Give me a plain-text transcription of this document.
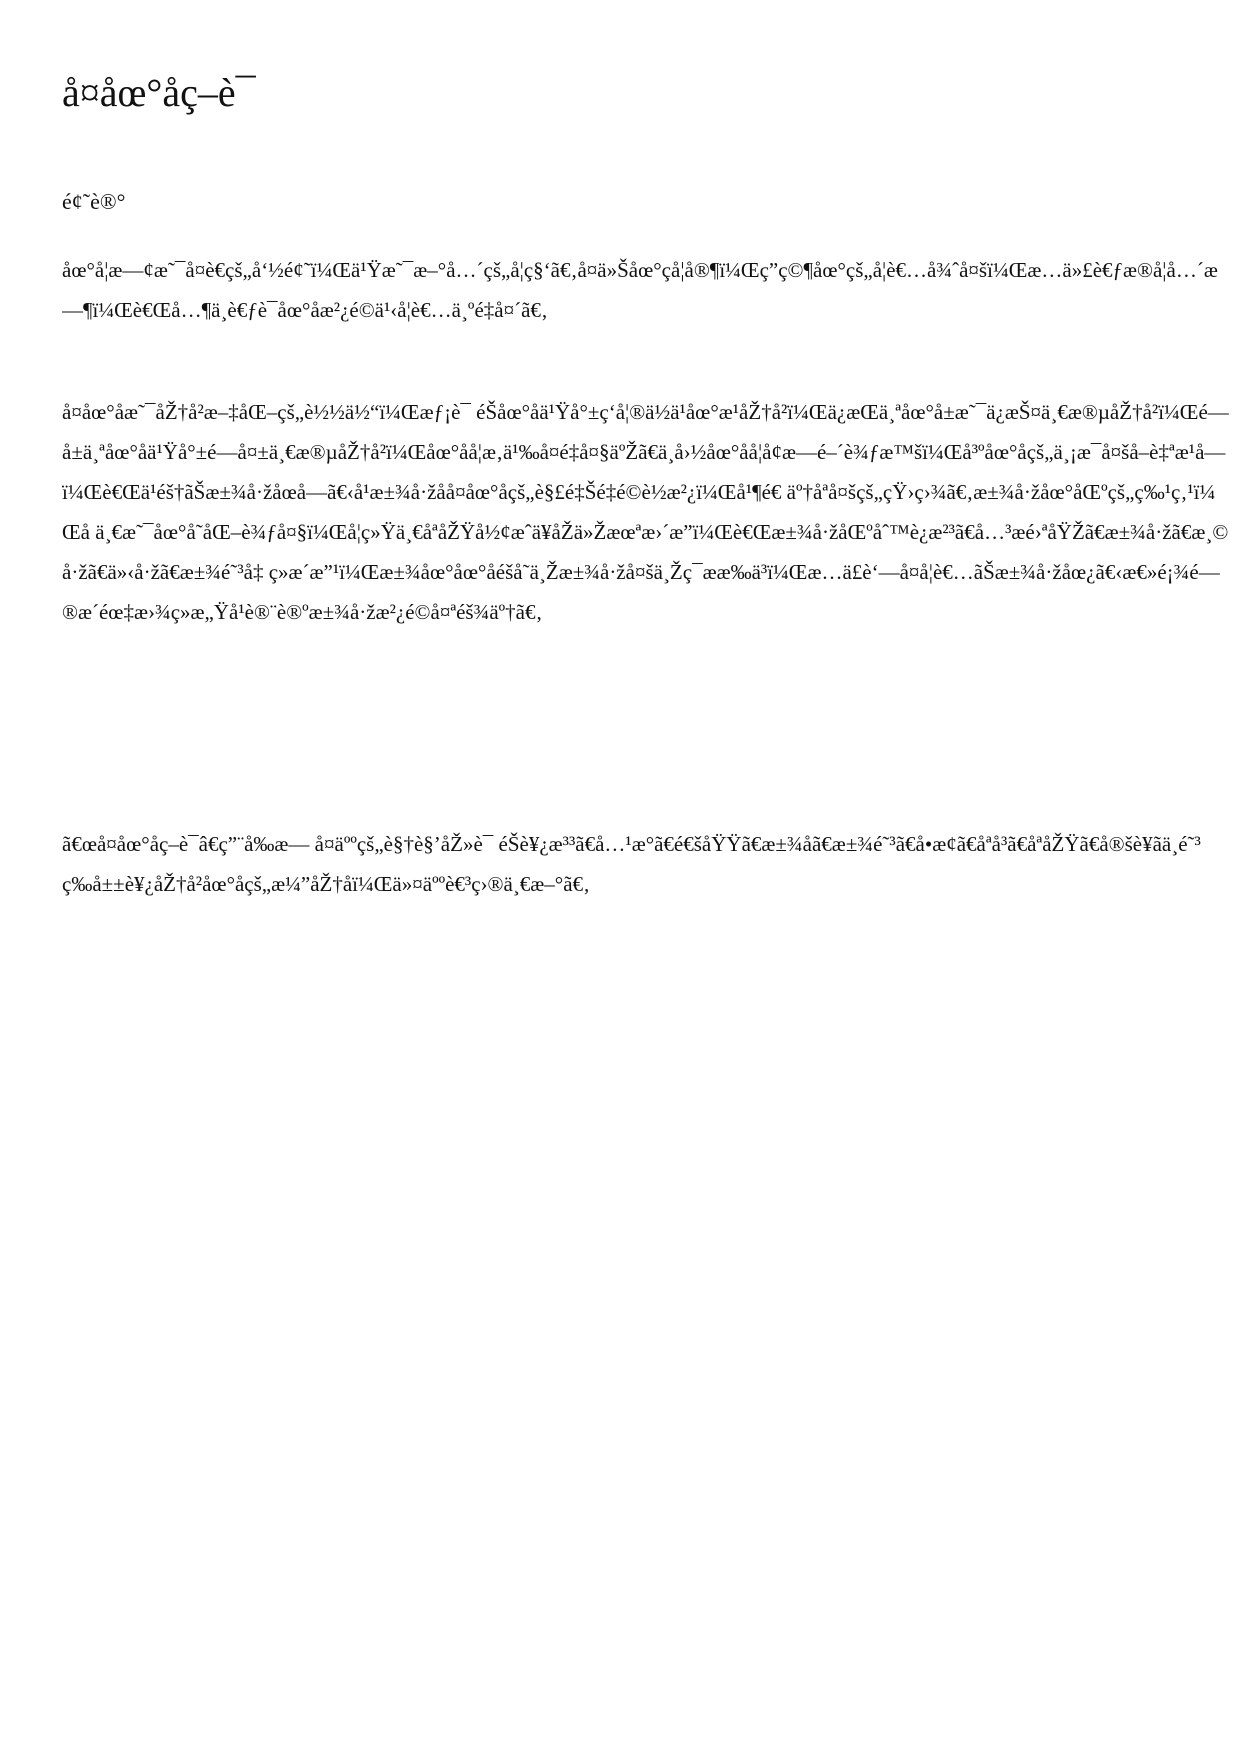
å¤åœ°åç–è¯
é¢˜è®°

åœ°å¦æ—¢æ˜¯å¤è€çš„å‘½é¢˜ï¼Œä¹Ÿæ˜¯æ–°å…´çš„å¦ç§‘ã€‚å¤ä»Šåœ°çå¦å®¶ï¼Œç”ç©¶åœ°çš„å¦è€…å¾ˆå¤šï¼Œæ…ä»£è€ƒæ®å¦å…´æ—¶ï¼Œè€Œå…¶ä¸è€ƒè¯åœ°åæ²¿é©ä¹‹å¦è€…ä¸ºé‡å¤´ã€‚

å¤åœ°åæ˜¯åŽ†å²æ–‡åŒ–çš„è½½ä½“ï¼Œæƒ¡è¯ éŠåœ°åä¹Ÿå°±ç‘å¦®ä½ä¹åœ°æ¹åŽ†å²ï¼Œä¿æŒä¸ªåœ°å±æ˜¯ä¿æŠ¤ä¸€æ®µåŽ†å²ï¼Œé—å±ä¸ªåœ°åä¹Ÿå°±é—å¤±ä¸€æ®µåŽ†å²ï¼Œåœ°åå¦æ‚ä¹‰å¤é‡å¤§äºŽã€ä¸å›½åœ°åå¦å¢æ—é–´è¾ƒæ™šï¼Œå³ºåœ°åçš„ä¸¡æ¯å¤šå–è‡ªæ¹å—ï¼Œè€Œä¹éš†ãŠæ±¾å·žåœå—ã€‹å¹æ±¾å·žåå¤åœ°åçš„è§£é‡Šé‡é©è½æ²¿ï¼Œå¹¶é€ äº†åªå¤šçš„çŸ›ç›¾ã€‚æ±¾å·žåœ°åŒºçš„ç‰¹ç‚¹ï¼Œå ä¸€æ˜¯åœ°å˜åŒ–è¾ƒå¤§ï¼Œå¦ç»Ÿä¸€åªåŽŸå½¢æˆä¥åŽä»Žæœªæ›´æ”ï¼Œè€Œæ±¾å·žåŒºåˆ™è¿æ²³ã€å…³æé›ªåŸŽã€æ±¾å·žã€æ¸©å·žã€ä»‹å·žã€æ±¾é˜³å‡ ç»æ´æ”¹ï¼Œæ±¾åœ°åœ°åéšå˜ä¸Žæ±¾å·žå¤šä¸Žç¯ææ‰ä³ï¼Œæ…ä£è‘—å¤å¦è€…ãŠæ±¾å·žåœ¿ã€‹æ€»é¡¾é—®æ´éœ‡æ›¾ç»æ„Ÿå¹è®¨è®ºæ±¾å·žæ²¿é©å¤ªéš¾äº†ã€‚

ã€œå¤åœ°åç–è¯â€ç”¨å‰æ— å¤äººçš„è§†è§’åŽ»è¯ éŠè¥¿æ³³ã€å…¹æ°ã€é€šåŸŸã€æ±¾åã€æ±¾é˜³ã€å•æ¢ã€åªå³ã€åªåŽŸã€å®šè¥ãä¸é˜³ç‰å±±è¥¿åŽ†å²åœ°åçš„æ¼”åŽ†åï¼Œä»¤äººè€³ç›®ä¸€æ–°ã€‚
